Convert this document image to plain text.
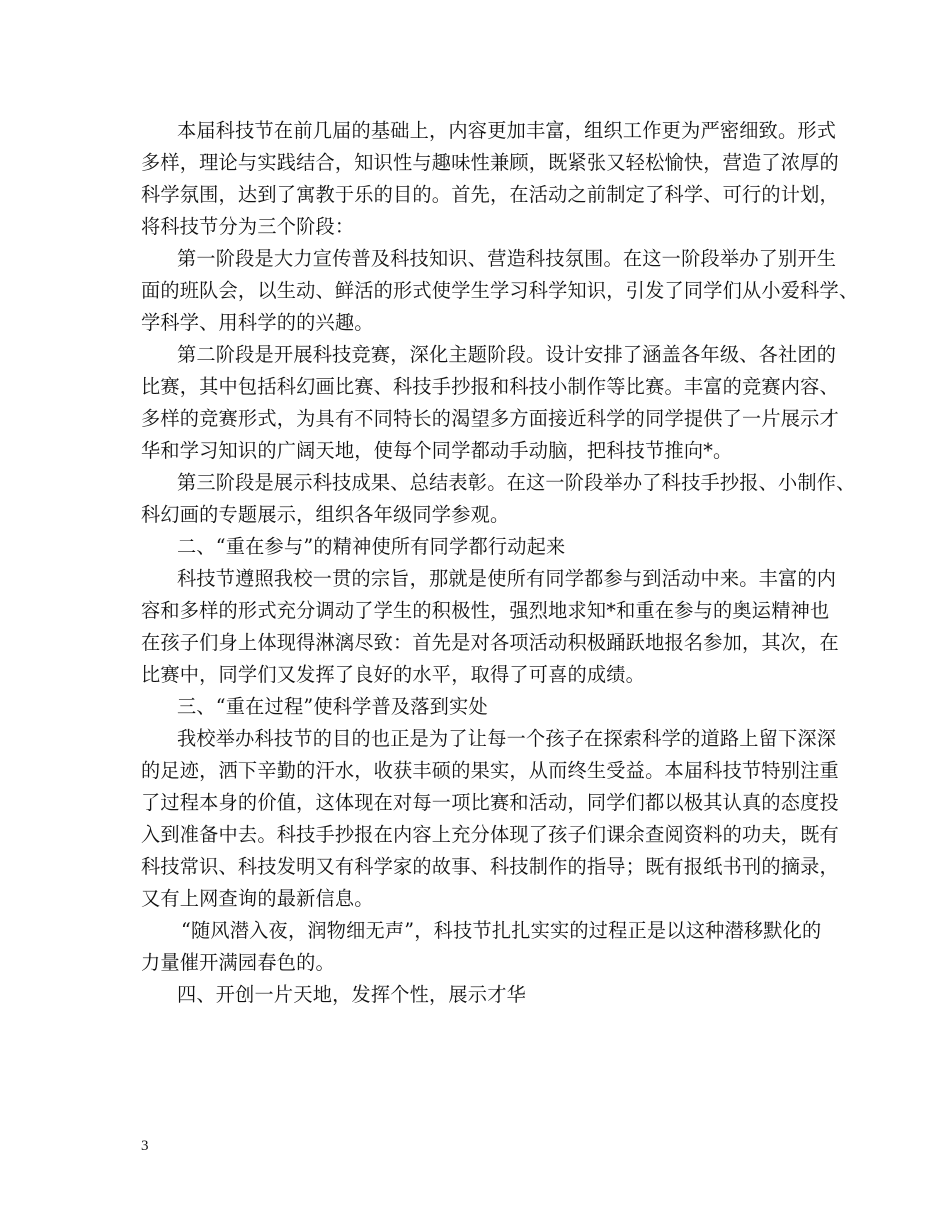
本届科技节在前几届的基础上，内容更加丰富，组织工作更为严密细致。形式

多样，理论与实践结合，知识性与趣味性兼顾，既紧张又轻松愉快，营造了浓厚的

科学氛围，达到了寓教于乐的目的。首先，在活动之前制定了科学、可行的计划，

将科技节分为三个阶段：

第一阶段是大力宣传普及科技知识、营造科技氛围。在这一阶段举办了别开生

面的班队会，以生动、鲜活的形式使学生学习科学知识，引发了同学们从小爱科学、

学科学、用科学的的兴趣。

第二阶段是开展科技竞赛，深化主题阶段。设计安排了涵盖各年级、各社团的

比赛，其中包括科幻画比赛、科技手抄报和科技小制作等比赛。丰富的竞赛内容、

多样的竞赛形式，为具有不同特长的渴望多方面接近科学的同学提供了一片展示才

华和学习知识的广阔天地，使每个同学都动手动脑，把科技节推向*。

第三阶段是展示科技成果、总结表彰。在这一阶段举办了科技手抄报、小制作、

科幻画的专题展示，组织各年级同学参观。

二、“重在参与”的精神使所有同学都行动起来

科技节遵照我校一贯的宗旨，那就是使所有同学都参与到活动中来。丰富的内

容和多样的形式充分调动了学生的积极性，强烈地求知*和重在参与的奥运精神也

在孩子们身上体现得淋漓尽致：首先是对各项活动积极踊跃地报名参加，其次，在

比赛中，同学们又发挥了良好的水平，取得了可喜的成绩。

三、“重在过程”使科学普及落到实处

我校举办科技节的目的也正是为了让每一个孩子在探索科学的道路上留下深深

的足迹，洒下辛勤的汗水，收获丰硕的果实，从而终生受益。本届科技节特别注重

了过程本身的价值，这体现在对每一项比赛和活动，同学们都以极其认真的态度投

入到准备中去。科技手抄报在内容上充分体现了孩子们课余查阅资料的功夫，既有

科技常识、科技发明又有科学家的故事、科技制作的指导；既有报纸书刊的摘录，

又有上网查询的最新信息。

“随风潜入夜，润物细无声”，科技节扎扎实实的过程正是以这种潜移默化的

力量催开满园春色的。

四、开创一片天地，发挥个性，展示才华

3
